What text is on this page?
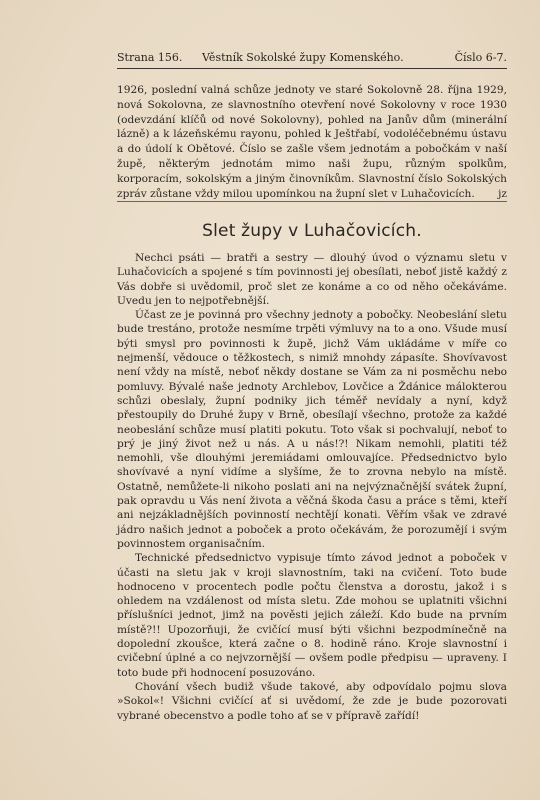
Strana 156. Věstník Sokolské župy Komenského.	Číslo 6-7.

1926, poslední valná schůze jednoty ve staré Sokolovně 28. října 1929, nová Sokolovna, ze slavnostního otevření nové Sokolovny v roce 1930 (odevzdání klíčů od nové Sokolovny), pohled na Janův dům (minerální lázně) a k lázeňskému rayonu, pohled k Ještřabí, vodoléčebnému ústavu a do údolí k Obětové. Číslo se zašle všem jednotám a pobočkám v naší župě, některým jednotám mimo naši župu, různým spolkům, korporacím, sokolským a jiným činovníkům. Slavnostní číslo Sokolských zpráv zůstane vždy milou upomínkou na župní slet v Luhačovicích. jz

Slet župy v Luhačovicích.

Nechci psáti — bratři a sestry — dlouhý úvod o významu sletu v Luhačovicích a spojené s tím povinnosti jej obesílati, neboť jistě každý z Vás dobře si uvědomil, proč slet ze konáme a co od něho očekáváme. Uvedu jen to nejpotřebnější.

Účast ze je povinná pro všechny jednoty a pobočky. Neobeslání sletu bude trestáno, protože nesmíme trpěti výmluvy na to a ono. Všude musí býti smysl pro povinnosti k župě, jichž Vám ukládáme v míře co nejmenší, vědouce o těžkostech, s nimiž mnohdy zápasíte. Shovívavost není vždy na místě, neboť někdy dostane se Vám za ni posměchu nebo pomluvy. Bývalé naše jednoty Archlebov, Lovčice a Ždánice málokterou schůzi obeslaly, župní podniky jich téměř nevídaly a nyní, když přestoupily do Druhé župy v Brně, obesílají všechno, protože za každé neobeslání schůze musí platiti pokutu. Toto však si pochvalují, neboť to prý je jiný život než u nás. A u nás!?! Nikam nemohli, platiti též nemohli, vše dlouhými jeremiádami omlouvajíce. Předsednictvo bylo shovívavé a nyní vidíme a slyšíme, že to zrovna nebylo na místě. Ostatně, nemůžete-li nikoho poslati ani na nejvýznačnější svátek župní, pak opravdu u Vás není života a věčná škoda času a práce s těmi, kteří ani nejzákladnějších povinností nechtějí konati. Věřím však ve zdravé jádro našich jednot a poboček a proto očekávám, že porozumějí i svým povinnostem organisačním.

Technické předsednictvo vypisuje tímto závod jednot a poboček v účasti na sletu jak v kroji slavnostním, taki na cvičení. Toto bude hodnoceno v procentech podle počtu členstva a dorostu, jakož i s ohledem na vzdálenost od místa sletu. Zde mohou se uplatniti všichni příslušníci jednot, jimž na pověsti jejich záleží. Kdo bude na prvním místě?!! Upozorňuji, že cvičící musí býti všichni bezpodmínečně na dopolední zkoušce, která začne o 8. hodině ráno. Kroje slavnostní i cvičební úplné a co nejvzornější — ovšem podle předpisu — upraveny. I toto bude při hodnocení posuzováno.

Chování všech budiž všude takové, aby odpovídalo pojmu slova »Sokol«! Všichni cvičící ať si uvědomí, že zde je bude pozorovati vybrané obecenstvo a podle toho ať se v přípravě zařídí!
